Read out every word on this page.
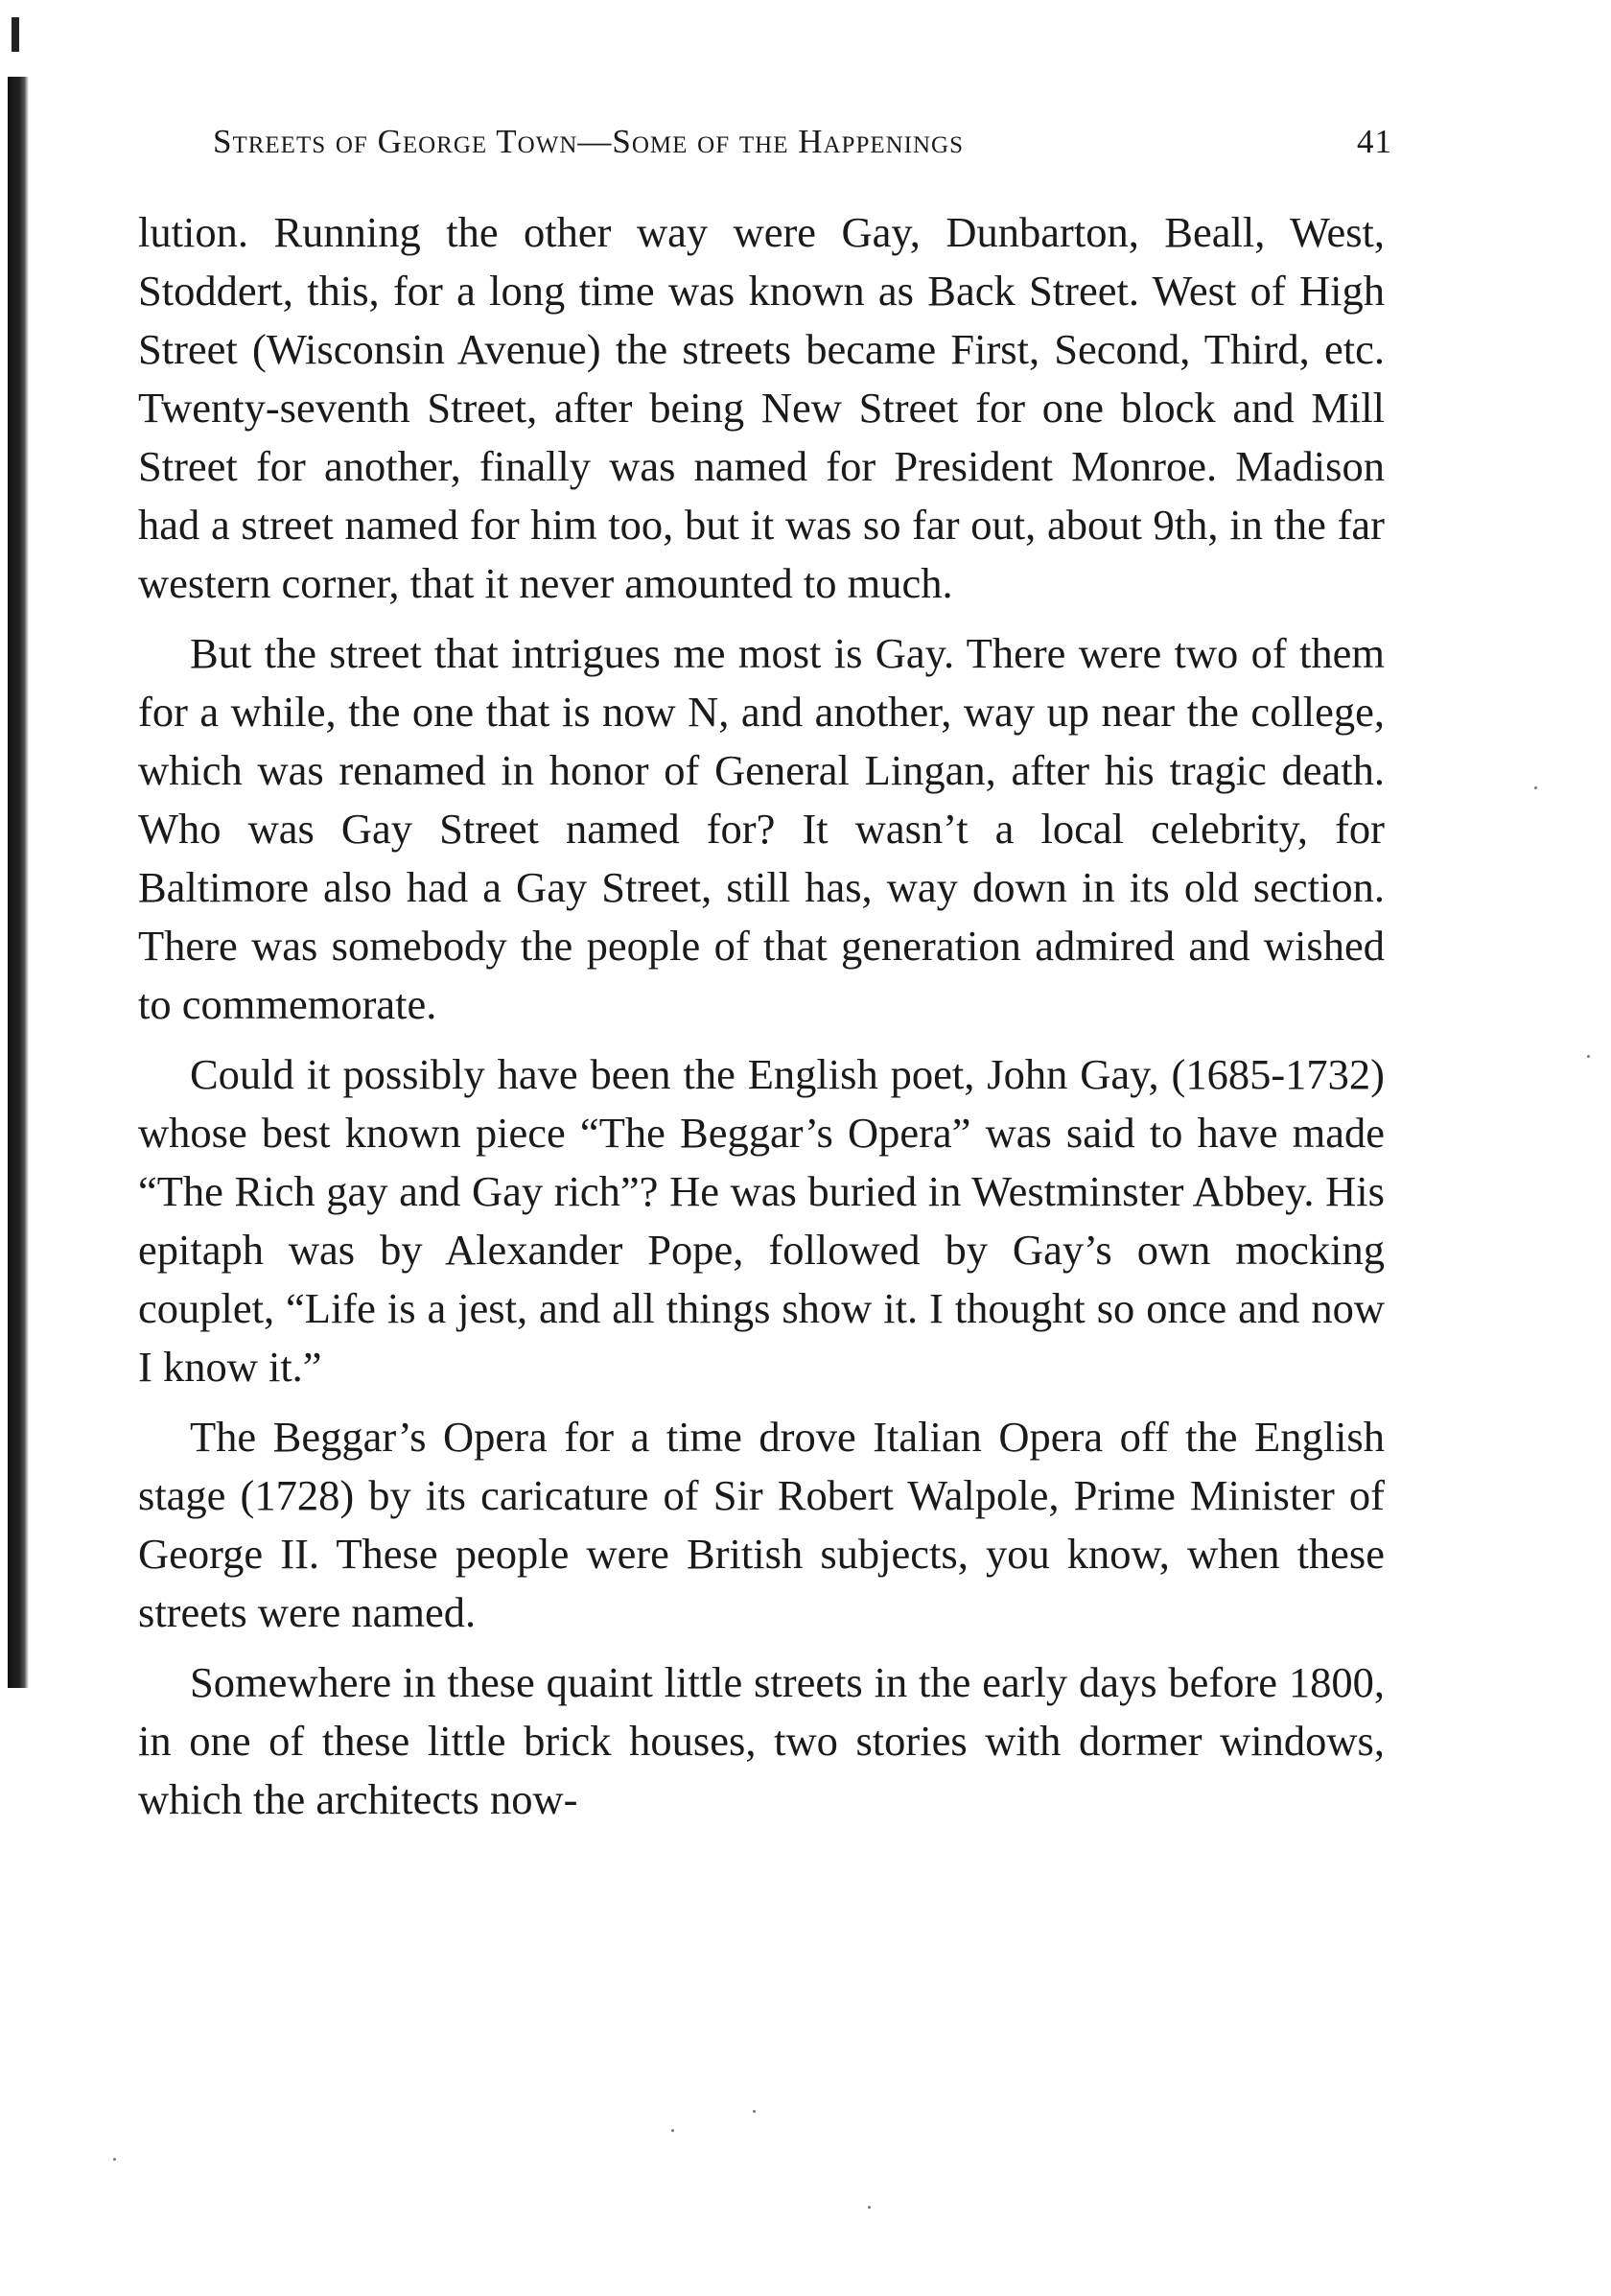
Streets of George Town—Some of the Happenings	41

lution. Running the other way were Gay, Dunbarton, Beall, West, Stoddert, this, for a long time was known as Back Street. West of High Street (Wisconsin Avenue) the streets became First, Second, Third, etc. Twenty-seventh Street, after being New Street for one block and Mill Street for another, finally was named for President Monroe. Madison had a street named for him too, but it was so far out, about 9th, in the far western corner, that it never amounted to much.

But the street that intrigues me most is Gay. There were two of them for a while, the one that is now N, and another, way up near the college, which was renamed in honor of General Lingan, after his tragic death. Who was Gay Street named for? It wasn’t a local celebrity, for Baltimore also had a Gay Street, still has, way down in its old section. There was somebody the people of that generation admired and wished to commemorate.

Could it possibly have been the English poet, John Gay, (1685-1732) whose best known piece “The Beggar’s Opera” was said to have made “The Rich gay and Gay rich”? He was buried in Westminster Abbey. His epitaph was by Alexander Pope, followed by Gay’s own mocking couplet, “Life is a jest, and all things show it. I thought so once and now I know it.”

The Beggar’s Opera for a time drove Italian Opera off the English stage (1728) by its caricature of Sir Robert Walpole, Prime Minister of George II. These people were British subjects, you know, when these streets were named.

Somewhere in these quaint little streets in the early days before 1800, in one of these little brick houses, two stories with dormer windows, which the architects now-
